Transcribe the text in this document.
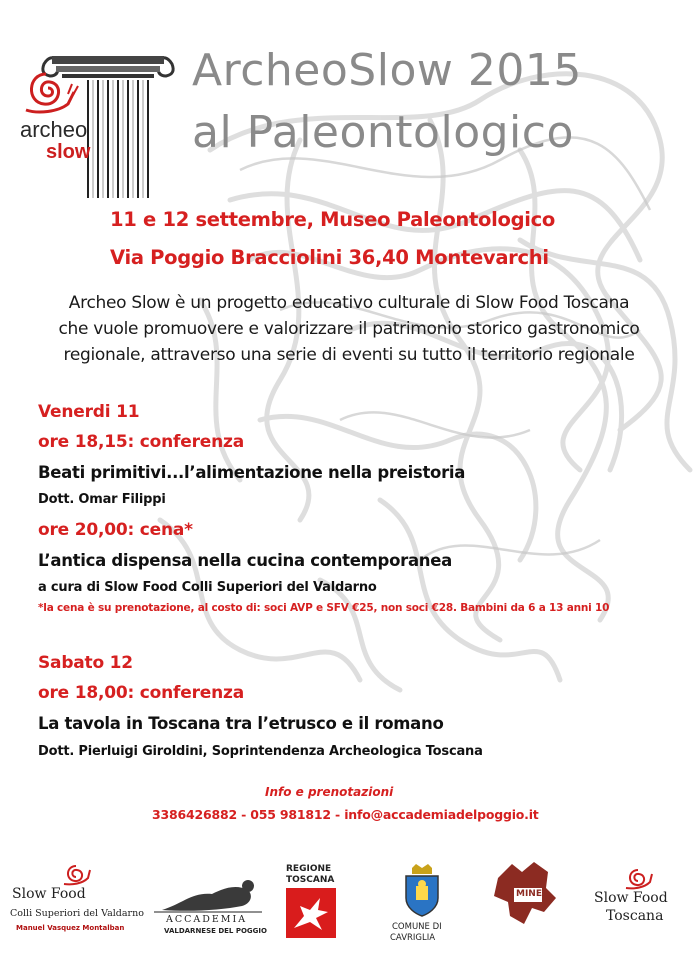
archeo
slow
ArcheoSlow 2015
al Paleontologico
11 e 12 settembre, Museo Paleontologico
Via Poggio Bracciolini 36,40 Montevarchi
Archeo Slow è un progetto educativo culturale di Slow Food Toscana
che vuole promuovere e valorizzare il patrimonio storico gastronomico
regionale, attraverso una serie di eventi su tutto il territorio regionale
Venerdi 11
ore 18,15: conferenza
Beati primitivi...l’alimentazione nella preistoria
Dott. Omar Filippi
ore 20,00: cena*
L’antica dispensa nella cucina contemporanea
a cura di Slow Food Colli Superiori del Valdarno
*la cena è su prenotazione, al costo di: soci AVP e SFV €25, non soci €28. Bambini da 6 a 13 anni 10
Sabato 12
ore 18,00: conferenza
La tavola in Toscana tra l’etrusco e il romano
Dott. Pierluigi Giroldini, Soprintendenza Archeologica Toscana
Info e prenotazioni
3386426882 - 055 981812 - info@accademiadelpoggio.it
Slow Food
Colli Superiori del Valdarno
Manuel Vasquez Montalban
ACCADEMIA
VALDARNESE DEL POGGIO
REGIONE
TOSCANA
COMUNE DI
CAVRIGLIA
MINE	Slow Food
Toscana
